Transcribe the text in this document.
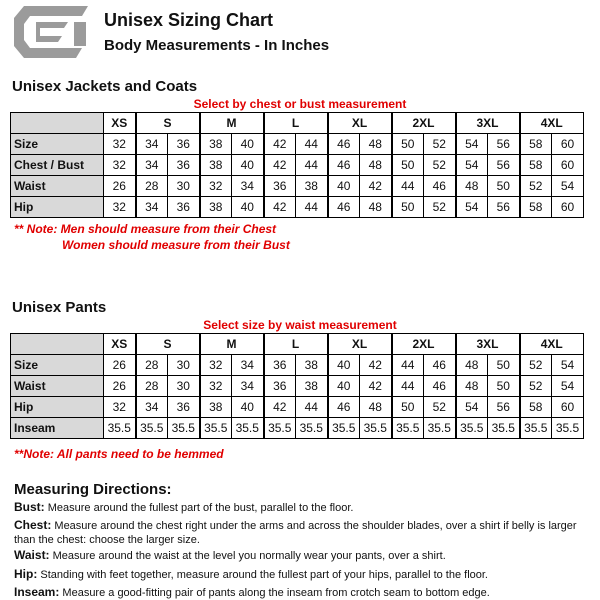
Unisex Sizing Chart
Body Measurements - In Inches
Unisex Jackets and Coats
Select by chest or bust measurement
	XS	S		M		L		XL		2XL		3XL		4XL	
Size	32	34	36	38	40	42	44	46	48	50	52	54	56	58	60
Chest / Bust	32	34	36	38	40	42	44	46	48	50	52	54	56	58	60
Waist	26	28	30	32	34	36	38	40	42	44	46	48	50	52	54
Hip	32	34	36	38	40	42	44	46	48	50	52	54	56	58	60
** Note: Men should measure from their Chest
Women should measure from their Bust
Unisex Pants
Select size by waist measurement
	XS	S		M		L		XL		2XL		3XL		4XL	
Size	26	28	30	32	34	36	38	40	42	44	46	48	50	52	54
Waist	26	28	30	32	34	36	38	40	42	44	46	48	50	52	54
Hip	32	34	36	38	40	42	44	46	48	50	52	54	56	58	60
Inseam	35.5	35.5	35.5	35.5	35.5	35.5	35.5	35.5	35.5	35.5	35.5	35.5	35.5	35.5	35.5
**Note: All pants need to be hemmed
Measuring Directions:
Bust: Measure around the fullest part of the bust, parallel to the floor.
Chest: Measure around the chest right under the arms and across the shoulder blades, over a shirt if belly is larger than the chest: choose the larger size.
Waist: Measure around the waist at the level you normally wear your pants, over a shirt.
Hip: Standing with feet together, measure around the fullest part of your hips, parallel to the floor.
Inseam: Measure a good-fitting pair of pants along the inseam from crotch seam to bottom edge.
